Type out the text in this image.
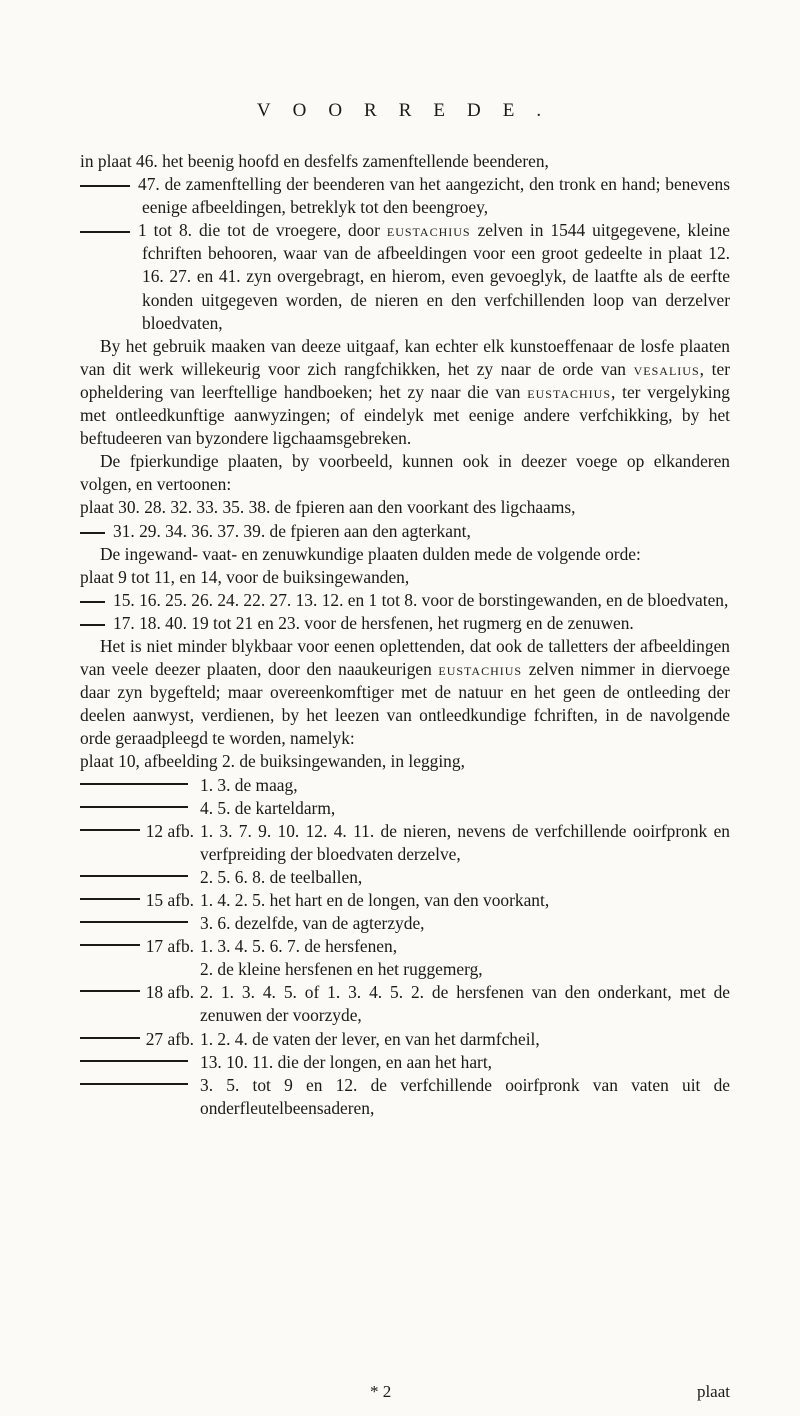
VOORREDE.

in plaat 46. het beenig hoofd en desfelfs zamenftellende beenderen,

47. de zamenftelling der beenderen van het aangezicht, den tronk en hand; benevens eenige afbeeldingen, betreklyk tot den beengroey,

1 tot 8. die tot de vroegere, door eustachius zelven in 1544 uitgegevene, kleine fchriften behooren, waar van de afbeeldingen voor een groot gedeelte in plaat 12. 16. 27. en 41. zyn overgebragt, en hierom, even gevoeglyk, de laatfte als de eerfte konden uitgegeven worden, de nieren en den verfchillenden loop van derzelver bloedvaten,

By het gebruik maaken van deeze uitgaaf, kan echter elk kunstoeffenaar de losfe plaaten van dit werk willekeurig voor zich rangfchikken, het zy naar de orde van vesalius, ter opheldering van leerftellige handboeken; het zy naar die van eustachius, ter vergelyking met ontleedkunftige aanwyzingen; of eindelyk met eenige andere verfchikking, by het beftudeeren van byzondere ligchaamsgebreken.

De fpierkundige plaaten, by voorbeeld, kunnen ook in deezer voege op elkanderen volgen, en vertoonen:

plaat 30. 28. 32. 33. 35. 38. de fpieren aan den voorkant des ligchaams,

31. 29. 34. 36. 37. 39. de fpieren aan den agterkant,

De ingewand- vaat- en zenuwkundige plaaten dulden mede de volgende orde:

plaat 9 tot 11, en 14, voor de buiksingewanden,

15. 16. 25. 26. 24. 22. 27. 13. 12. en 1 tot 8. voor de borstingewanden, en de bloedvaten,

17. 18. 40. 19 tot 21 en 23. voor de hersfenen, het rugmerg en de zenuwen.

Het is niet minder blykbaar voor eenen oplettenden, dat ook de talletters der afbeeldingen van veele deezer plaaten, door den naaukeurigen eustachius zelven nimmer in diervoege daar zyn bygefteld; maar overeenkomftiger met de natuur en het geen de ontleeding der deelen aanwyst, verdienen, by het leezen van ontleedkundige fchriften, in de navolgende orde geraadpleegd te worden, namelyk:

plaat 10, afbeelding 2. de buiksingewanden, in legging,

1. 3. de maag,
4. 5. de karteldarm,
12 afb. 1. 3. 7. 9. 10. 12. 4. 11. de nieren, nevens de verfchillende ooirfpronk en verfpreiding der bloedvaten derzelve,
2. 5. 6. 8. de teelballen,
15 afb. 1. 4. 2. 5. het hart en de longen, van den voorkant,
3. 6. dezelfde, van de agterzyde,
17 afb. 1. 3. 4. 5. 6. 7. de hersfenen,
2. de kleine hersfenen en het ruggemerg,
18 afb. 2. 1. 3. 4. 5. of 1. 3. 4. 5. 2. de hersfenen van den onderkant, met de zenuwen der voorzyde,
27 afb. 1. 2. 4. de vaten der lever, en van het darmfcheil,
13. 10. 11. die der longen, en aan het hart,
3. 5. tot 9 en 12. de verfchillende ooirfpronk van vaten uit de onderfleutelbeensaderen,
* 2	plaat
